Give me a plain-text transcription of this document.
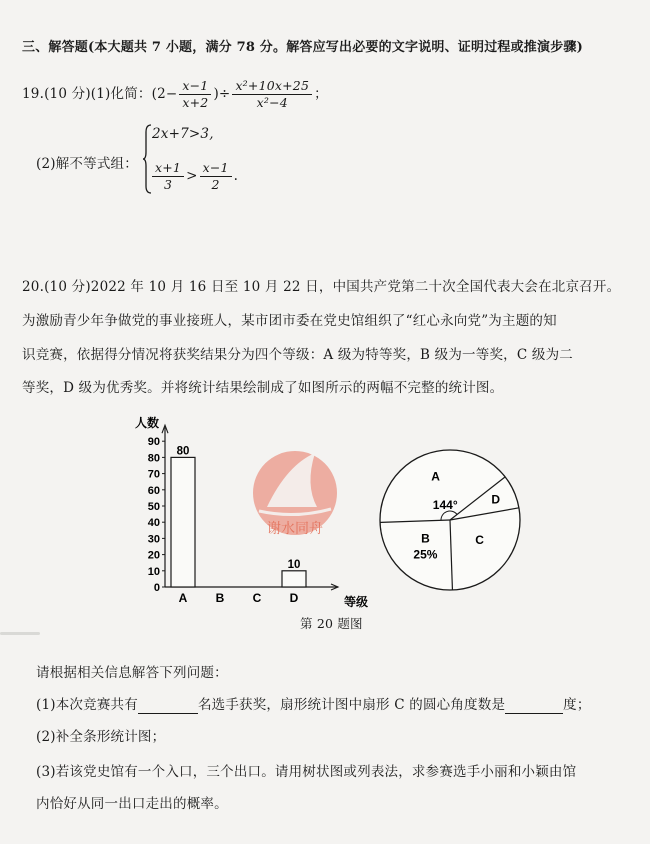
三、解答题(本大题共 7 小题，满分 78 分。解答应写出必要的文字说明、证明过程或推演步骤)
19.(10 分)(1)化简：($2- \frac{x-1}{x+2}$ )÷ $\frac{\text{x²+10x+25}}{\text{x²−4}}$ ；
(2)解不等式组：
2x+7>3,
$\frac{x+1}{3} > \frac{x-1}{2}$ .
20.(10 分)2022 年 10 月 16 日至 10 月 22 日，中国共产党第二十次全国代表大会在北京召开。
为激励青少年争做党的事业接班人，某市团市委在党史馆组织了“红心永向党”为主题的知
识竞赛，依据得分情况将获奖结果分为四个等级：A 级为特等奖，B 级为一等奖，C 级为二
等奖，D 级为优秀奖。并将统计结果绘制成了如图所示的两幅不完整的统计图。
人数
等级
0
10
20
30
40
50
60
70
80
90
80
A B C
10
D
谢水同舟
A
144°
B
25%
C
D
第 20 题图
请根据相关信息解答下列问题：
(1)本次竞赛共有	名选手获奖，扇形统计图中扇形 C 的圆心角度数是	度；
(2)补全条形统计图；
(3)若该党史馆有一个入口，三个出口。请用树状图或列表法，求参赛选手小丽和小颖由馆
内恰好从同一出口走出的概率。
